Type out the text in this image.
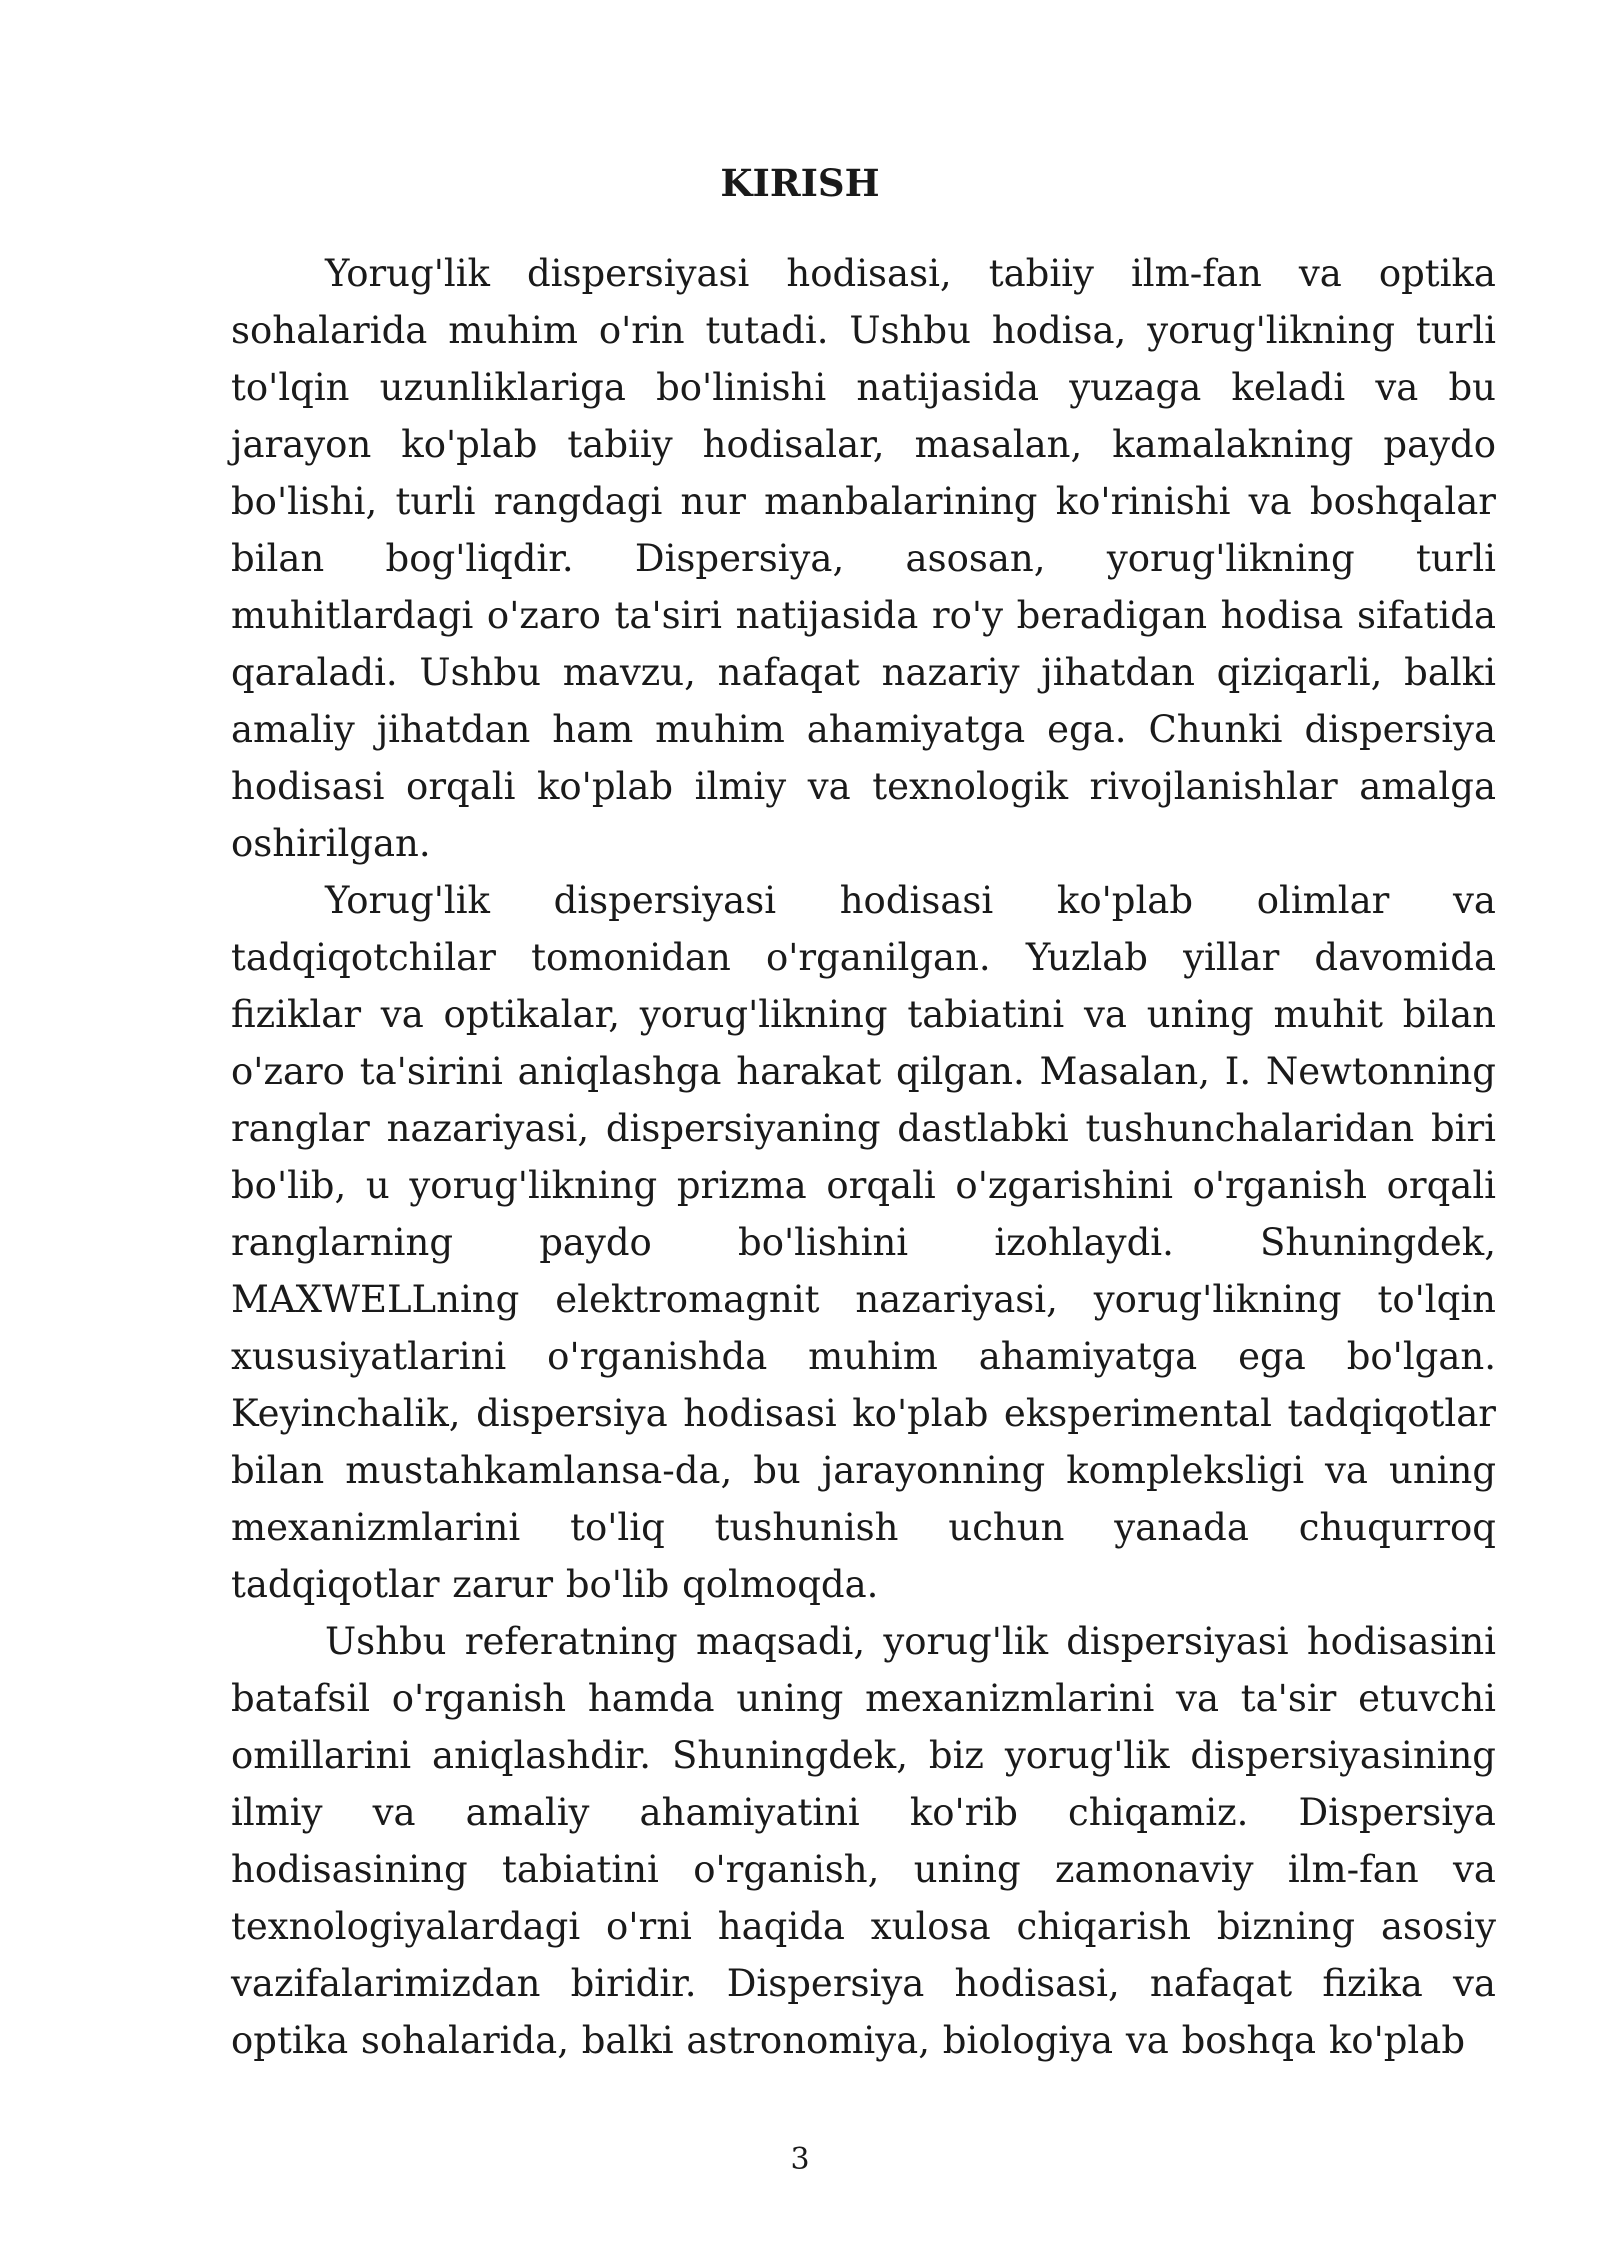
KIRISH

Yorug'lik dispersiyasi hodisasi, tabiiy ilm-fan va optika sohalarida muhim o'rin tutadi. Ushbu hodisa, yorug'likning turli to'lqin uzunliklariga bo'linishi natijasida yuzaga keladi va bu jarayon ko'plab tabiiy hodisalar, masalan, kamalakning paydo bo'lishi, turli rangdagi nur manbalarining ko'rinishi va boshqalar bilan bog'liqdir. Dispersiya, asosan, yorug'likning turli muhitlardagi o'zaro ta'siri natijasida ro'y beradigan hodisa sifatida qaraladi. Ushbu mavzu, nafaqat nazariy jihatdan qiziqarli, balki amaliy jihatdan ham muhim ahamiyatga ega. Chunki dispersiya hodisasi orqali ko'plab ilmiy va texnologik rivojlanishlar amalga oshirilgan.

Yorug'lik dispersiyasi hodisasi ko'plab olimlar va tadqiqotchilar tomonidan o'rganilgan. Yuzlab yillar davomida fiziklar va optikalar, yorug'likning tabiatini va uning muhit bilan o'zaro ta'sirini aniqlashga harakat qilgan. Masalan, I. Newtonning ranglar nazariyasi, dispersiyaning dastlabki tushunchalaridan biri bo'lib, u yorug'likning prizma orqali o'zgarishini o'rganish orqali ranglarning paydo bo'lishini izohlaydi. Shuningdek, MAXWELLning elektromagnit nazariyasi, yorug'likning to'lqin xususiyatlarini o'rganishda muhim ahamiyatga ega bo'lgan. Keyinchalik, dispersiya hodisasi ko'plab eksperimental tadqiqotlar bilan mustahkamlansa-da, bu jarayonning kompleksligi va uning mexanizmlarini to'liq tushunish uchun yanada chuqurroq tadqiqotlar zarur bo'lib qolmoqda.

Ushbu referatning maqsadi, yorug'lik dispersiyasi hodisasini batafsil o'rganish hamda uning mexanizmlarini va ta'sir etuvchi omillarini aniqlashdir. Shuningdek, biz yorug'lik dispersiyasining ilmiy va amaliy ahamiyatini ko'rib chiqamiz. Dispersiya hodisasining tabiatini o'rganish, uning zamonaviy ilm-fan va texnologiyalardagi o'rni haqida xulosa chiqarish bizning asosiy vazifalarimizdan biridir. Dispersiya hodisasi, nafaqat fizika va optika sohalarida, balki astronomiya, biologiya va boshqa ko'plab

3
